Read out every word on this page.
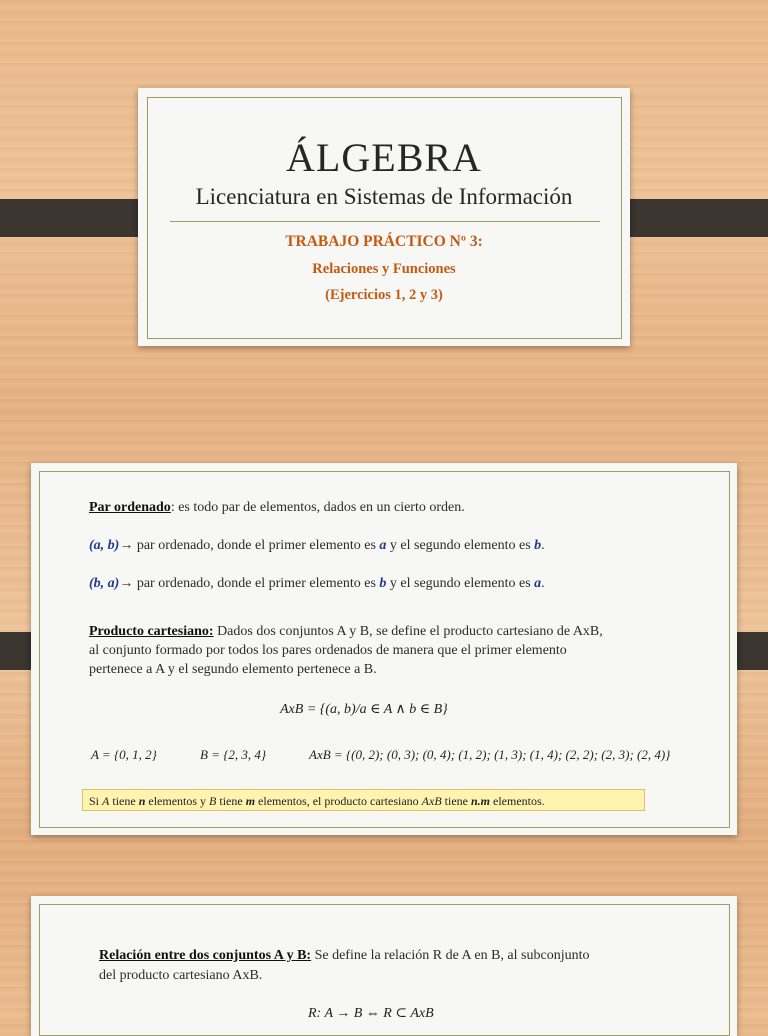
ÁLGEBRA
Licenciatura en Sistemas de Información
TRABAJO PRÁCTICO Nº 3:
Relaciones y Funciones
(Ejercicios 1, 2 y 3)
Par ordenado: es todo par de elementos, dados en un cierto orden.
(a, b)→ par ordenado, donde el primer elemento es a y el segundo elemento es b.
(b, a)→ par ordenado, donde el primer elemento es b y el segundo elemento es a.
Producto cartesiano: Dados dos conjuntos A y B, se define el producto cartesiano de AxB,
al conjunto formado por todos los pares ordenados de manera que el primer elemento
pertenece a A y el segundo elemento pertenece a B.
AxB = {(a, b)/a ∈ A ∧ b ∈ B}
A = {0, 1, 2}	B = {2, 3, 4}	AxB = {(0, 2); (0, 3); (0, 4); (1, 2); (1, 3); (1, 4); (2, 2); (2, 3); (2, 4)}
Si A tiene n elementos y B tiene m elementos, el producto cartesiano AxB tiene n.m elementos.
Relación entre dos conjuntos A y B: Se define la relación R de A en B, al subconjunto
del producto cartesiano AxB.
R: A → B ⇔ R ⊂ AxB
